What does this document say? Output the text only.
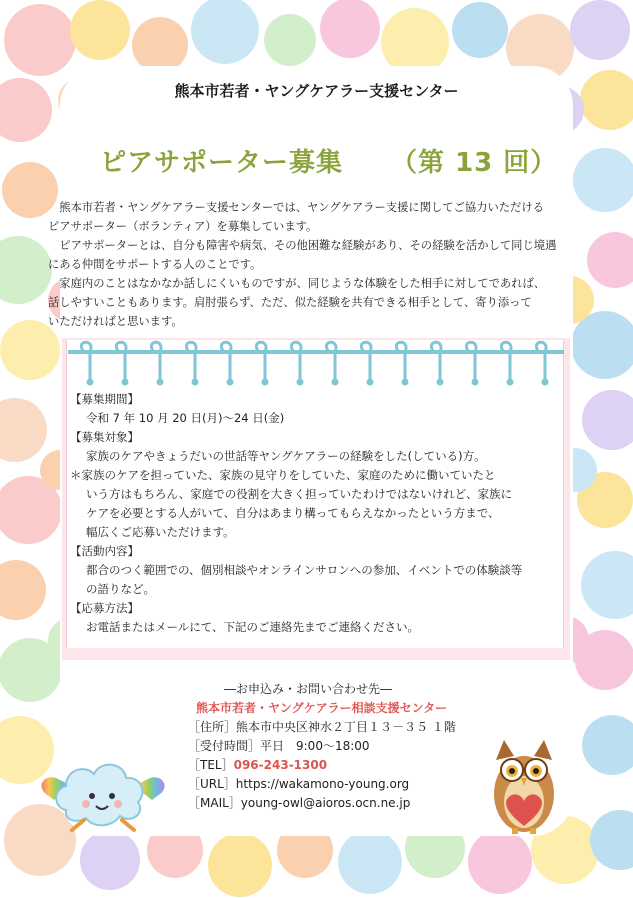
熊本市若者・ヤングケアラー支援センター
ピアサポーター募集 （第 13 回）

　熊本市若者・ヤングケアラー支援センターでは、ヤングケアラー支援に関してご協力いただける

ピアサポーター（ボランティア）を募集しています。

　ピアサポーターとは、自分も障害や病気、その他困難な経験があり、その経験を活かして同じ境遇

にある仲間をサポートする人のことです。

　家庭内のことはなかなか話しにくいものですが、同じような体験をした相手に対してであれば、

話しやすいこともあります。肩肘張らず、ただ、似た経験を共有できる相手として、寄り添って

いただければと思います。

【募集期間】
令和 7 年 10 月 20 日(月)～24 日(金)
【募集対象】
家族のケアやきょうだいの世話等ヤングケアラーの経験をした(している)方。
＊家族のケアを担っていた、家族の見守りをしていた、家庭のために働いていたと
いう方はもちろん、家庭での役割を大きく担っていたわけではないけれど、家族に
ケアを必要とする人がいて、自分はあまり構ってもらえなかったという方まで、
幅広くご応募いただけます。
【活動内容】
都合のつく範囲での、個別相談やオンラインサロンへの参加、イベントでの体験談等
の語りなど。
【応募方法】
お電話またはメールにて、下記のご連絡先までご連絡ください。
―お申込み・お問い合わせ先―
熊本市若者・ヤングケアラー相談支援センター
［住所］熊本市中央区神水２丁目１３－３５ １階
［受付時間］平日　9:00～18:00
［TEL］096-243-1300
［URL］https://wakamono-young.org
［MAIL］young-owl@aioros.ocn.ne.jp
